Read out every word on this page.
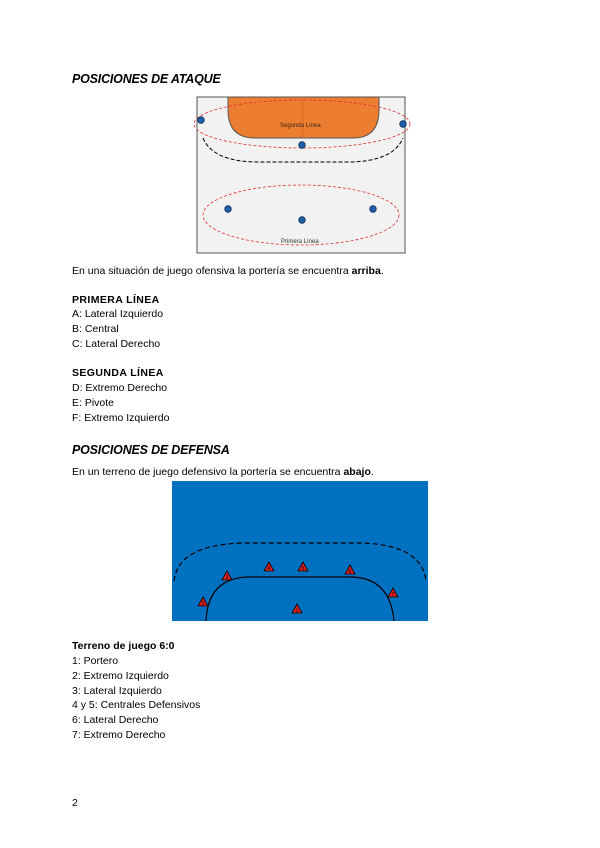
POSICIONES DE ATAQUE
Segunda Línea
Primera Línea
En una situación de juego ofensiva la portería se encuentra arriba.
PRIMERA LÍNEA
A: Lateral Izquierdo
B: Central
C: Lateral Derecho
SEGUNDA LÍNEA
D: Extremo Derecho
E: Pivote
F: Extremo Izquierdo
POSICIONES DE DEFENSA
En un terreno de juego defensivo la portería se encuentra abajo.
1
2
3
4	5	6
7
Terreno de juego 6:0
1: Portero
2: Extremo Izquierdo
3: Lateral Izquierdo
4 y 5: Centrales Defensivos
6: Lateral Derecho
7: Extremo Derecho
2
